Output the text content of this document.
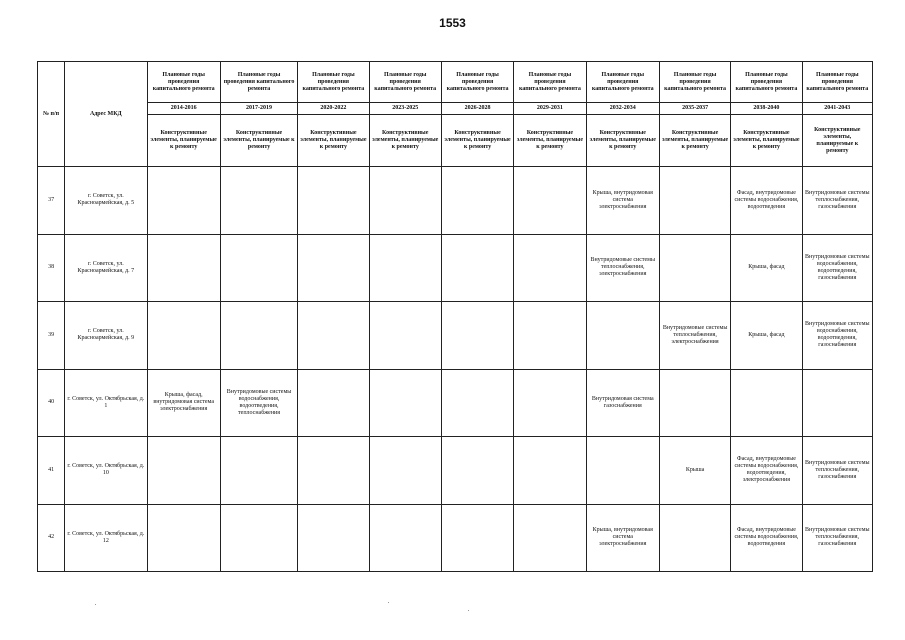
1553
№ п/п	Адрес МКД	Плановые годы проведения капитального ремонта	Плановые годы проведения капитального ремонта	Плановые годы проведения капитального ремонта	Плановые годы проведения капитального ремонта	Плановые годы проведения капитального ремонта	Плановые годы проведения капитального ремонта	Плановые годы проведения капитального ремонта	Плановые годы проведения капитального ремонта	Плановые годы проведения капитального ремонта	Плановые годы проведения капитального ремонта
		2014-2016	2017-2019	2020-2022	2023-2025	2026-2028	2029-2031	2032-2034	2035-2037	2038-2040	2041-2043
		Конструктивные элементы, планируемые к ремонту	Конструктивные элементы, планируемые к ремонту	Конструктивные элементы, планируемые к ремонту	Конструктивные элементы, планируемые к ремонту	Конструктивные элементы, планируемые к ремонту	Конструктивные элементы, планируемые к ремонту	Конструктивные элементы, планируемые к ремонту	Конструктивные элементы, планируемые к ремонту	Конструктивные элементы, планируемые к ремонту	Конструктивные элементы, планируемые к ремонту
37	г. Советск, ул. Красноармейская, д. 5							Крыша, внутридомовая система электроснабжения		Фасад, внутридомовые системы водоснабжения, водоотведения	Внутридомовые системы теплоснабжения, газоснабжения
38	г. Советск, ул. Красноармейская, д. 7							Внутридомовые системы теплоснабжения, электроснабжения		Крыша, фасад	Внутридомовые системы водоснабжения, водоотведения, газоснабжения
39	г. Советск, ул. Красноармейская, д. 9								Внутридомовые системы теплоснабжения, электроснабжения	Крыша, фасад	Внутридомовые системы водоснабжения, водоотведения, газоснабжения
40	г. Советск, ул. Октябрьская, д. 1	Крыша, фасад, внутридомовая система электроснабжения	Внутридомовые системы водоснабжения, водоотведения, теплоснабжения					Внутридомовая система газоснабжения			
41	г. Советск, ул. Октябрьская, д. 10								Крыша	Фасад, внутридомовые системы водоснабжения, водоотведения, электроснабжения	Внутридомовые системы теплоснабжения, газоснабжения
42	г. Советск, ул. Октябрьская, д. 12							Крыша, внутридомовая система электроснабжения		Фасад, внутридомовые системы водоснабжения, водоотведения	Внутридомовые системы теплоснабжения, газоснабжения
